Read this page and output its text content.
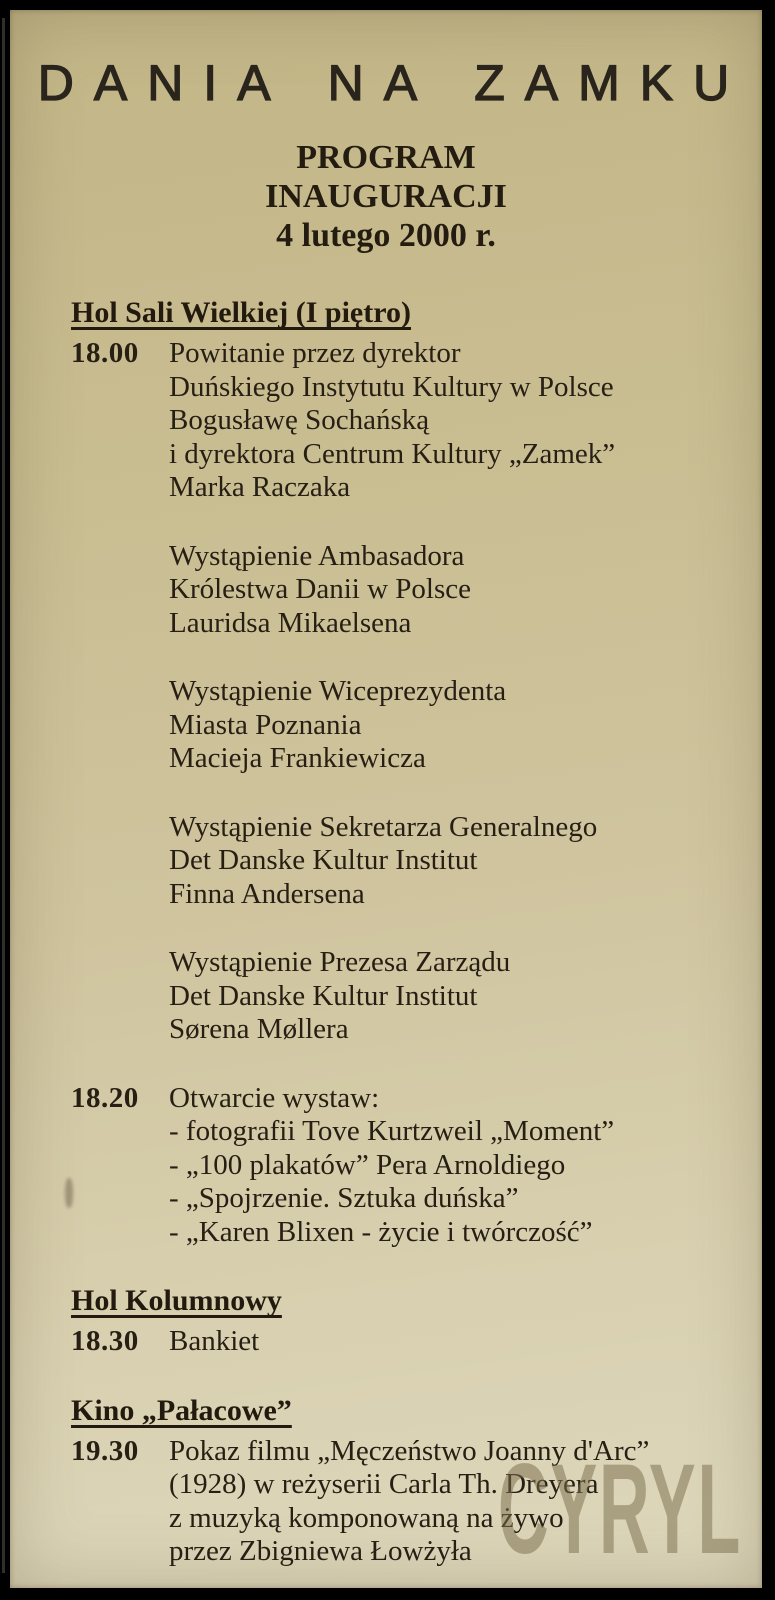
DANIA NA ZAMKU
PROGRAM
INAUGURACJI
4 lutego 2000 r.
Hol Sali Wielkiej (I piętro)
18.00	Powitanie przez dyrektor
Duńskiego Instytutu Kultury w Polsce
Bogusławę Sochańską
i dyrektora Centrum Kultury „Zamek”
Marka Raczaka
Wystąpienie Ambasadora
Królestwa Danii w Polsce
Lauridsa Mikaelsena
Wystąpienie Wiceprezydenta
Miasta Poznania
Macieja Frankiewicza
Wystąpienie Sekretarza Generalnego
Det Danske Kultur Institut
Finna Andersena
Wystąpienie Prezesa Zarządu
Det Danske Kultur Institut
Sørena Møllera
18.20	Otwarcie wystaw:
- fotografii Tove Kurtzweil „Moment”
- „100 plakatów” Pera Arnoldiego
- „Spojrzenie. Sztuka duńska”
- „Karen Blixen - życie i twórczość”
Hol Kolumnowy
18.30	Bankiet
Kino „Pałacowe”
19.30	Pokaz filmu „Męczeństwo Joanny d'Arc”
(1928) w reżyserii Carla Th. Dreyera
z muzyką komponowaną na żywo
przez Zbigniewa Łowżyła CYRYL
